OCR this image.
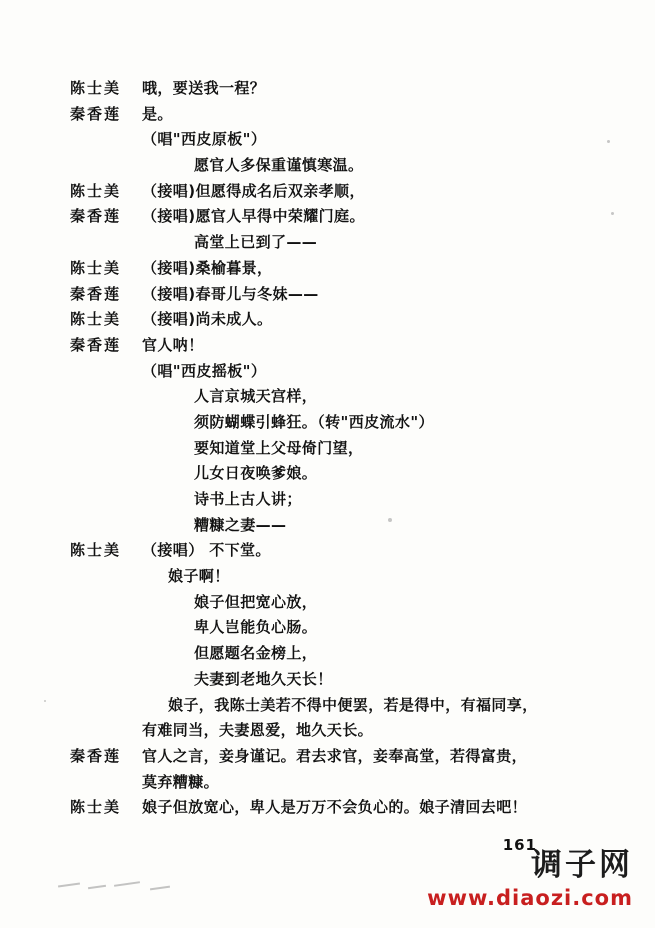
陈士美	哦，要送我一程？
秦香莲	是。
（唱"西皮原板"）
愿官人多保重谨慎寒温。
陈士美	（接唱)但愿得成名后双亲孝顺，
秦香莲	（接唱)愿官人早得中荣耀门庭。
高堂上已到了——
陈士美	（接唱)桑榆暮景，
秦香莲	（接唱)春哥儿与冬妹——
陈士美	（接唱)尚未成人。
秦香莲	官人呐！
（唱"西皮摇板"）
人言京城天宫样，
须防蝴蝶引蜂狂。（转"西皮流水"）
要知道堂上父母倚门望，
儿女日夜唤爹娘。
诗书上古人讲；
糟糠之妻——
陈士美	（接唱） 不下堂。
娘子啊！
娘子但把宽心放，
卑人岂能负心肠。
但愿题名金榜上，
夫妻到老地久天长！
娘子，我陈士美若不得中便罢，若是得中，有福同享，
有难同当，夫妻恩爱，地久天长。
秦香莲	官人之言，妾身谨记。君去求官，妾奉高堂，若得富贵，
莫弃糟糠。
陈士美	娘子但放宽心，卑人是万万不会负心的。娘子清回去吧！
161
调子网
www.diaozi.com
